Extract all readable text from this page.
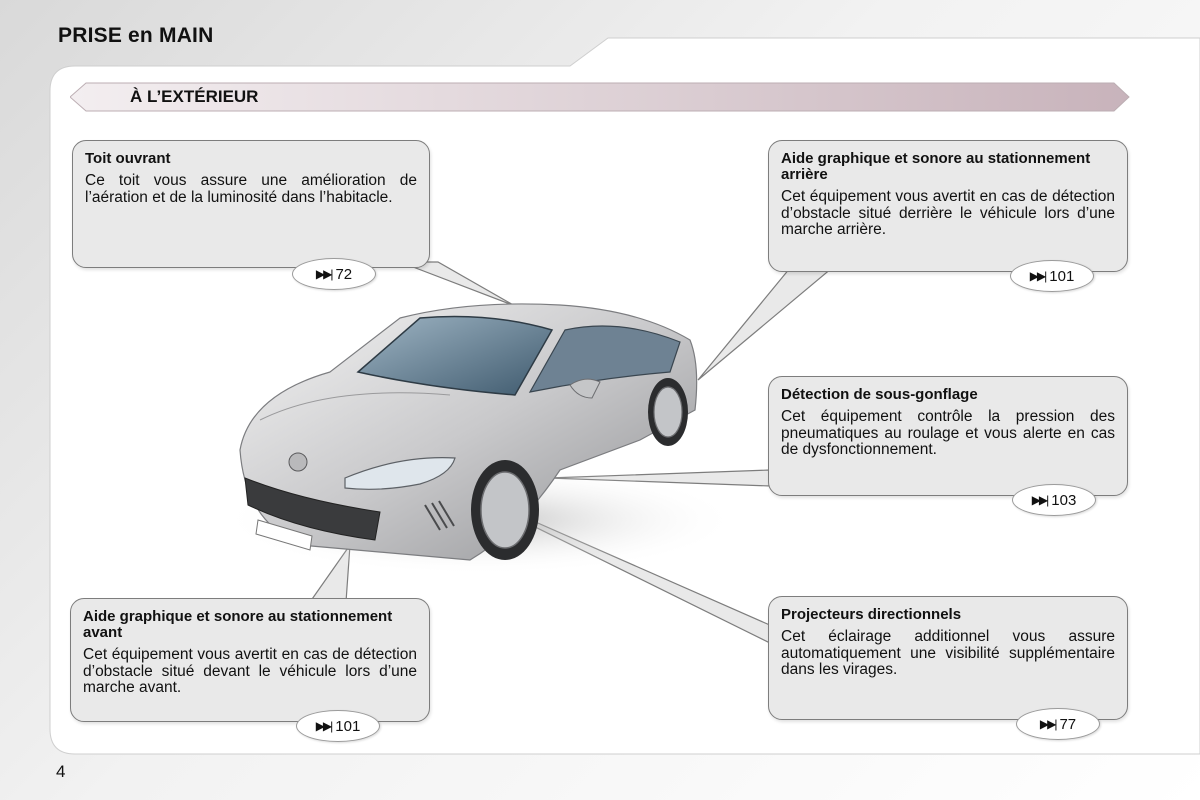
PRISE en MAIN
À L’EXTÉRIEUR
Toit ouvrant

Ce toit vous assure une amélioration de l’aération et de la luminosité dans l’habitacle.

▶▶| 72
Aide graphique et sonore au stationnement arrière

Cet équipement vous avertit en cas de détection d’obstacle situé derrière le véhicule lors d’une marche arrière.

▶▶| 101
Détection de sous-gonflage

Cet équipement contrôle la pression des pneumatiques au roulage et vous alerte en cas de dysfonctionnement.

▶▶| 103
Aide graphique et sonore au stationnement avant

Cet équipement vous avertit en cas de détection d’obstacle situé devant le véhicule lors d’une marche avant.

▶▶| 101
Projecteurs directionnels

Cet éclairage additionnel vous assure automatiquement une visibilité supplémentaire dans les virages.

▶▶| 77
4
